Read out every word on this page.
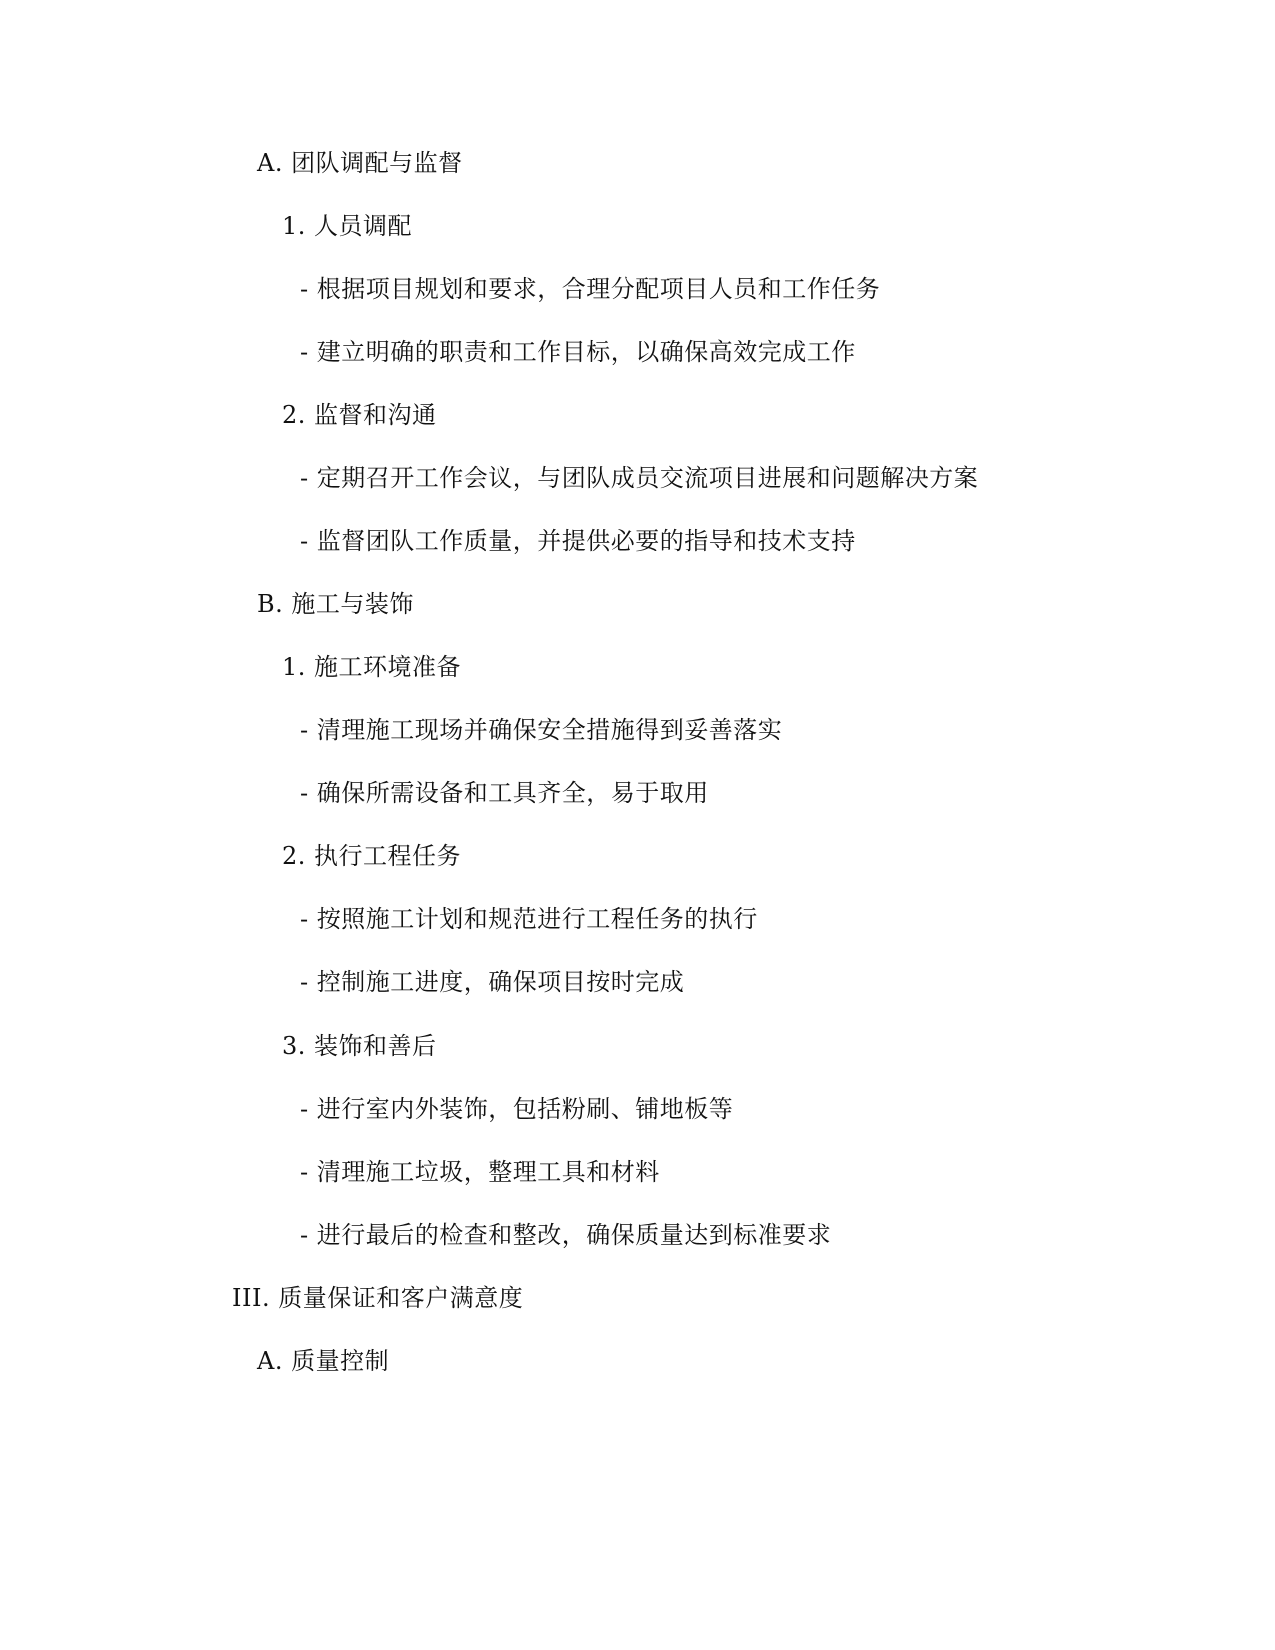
A. 团队调配与监督
1. 人员调配
- 根据项目规划和要求，合理分配项目人员和工作任务
- 建立明确的职责和工作目标，以确保高效完成工作
2. 监督和沟通
- 定期召开工作会议，与团队成员交流项目进展和问题解决方案
- 监督团队工作质量，并提供必要的指导和技术支持
B. 施工与装饰
1. 施工环境准备
- 清理施工现场并确保安全措施得到妥善落实
- 确保所需设备和工具齐全，易于取用
2. 执行工程任务
- 按照施工计划和规范进行工程任务的执行
- 控制施工进度，确保项目按时完成
3. 装饰和善后
- 进行室内外装饰，包括粉刷、铺地板等
- 清理施工垃圾，整理工具和材料
- 进行最后的检查和整改，确保质量达到标准要求
III. 质量保证和客户满意度
A. 质量控制
